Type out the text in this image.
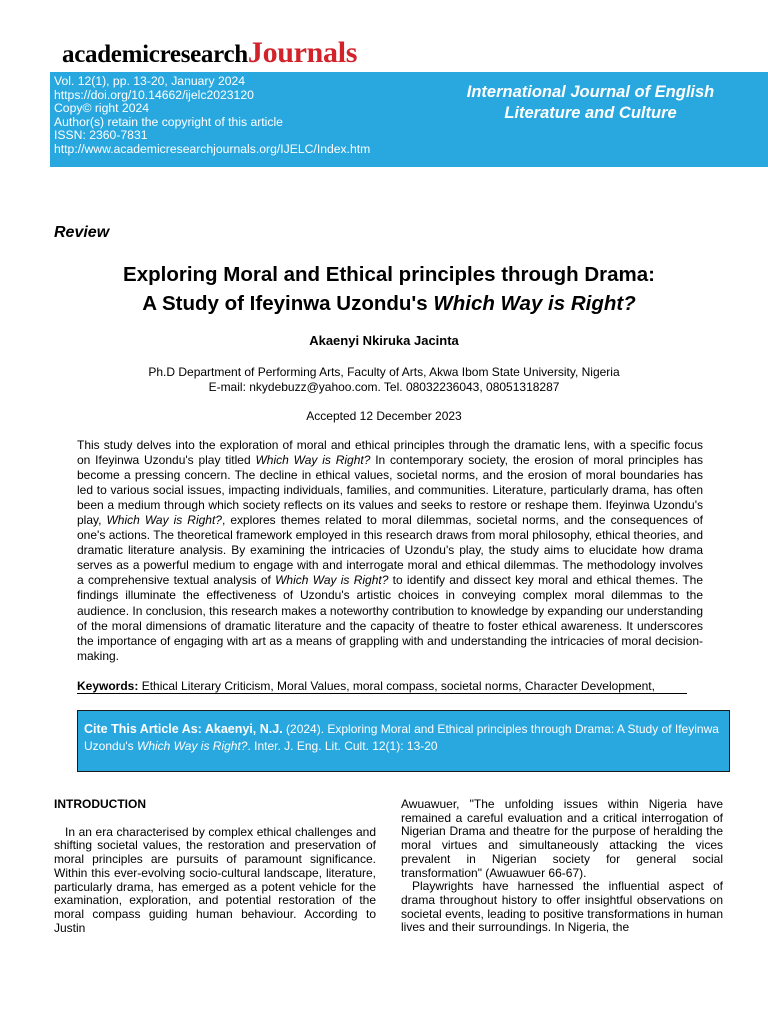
academicresearchJournals
Vol. 12(1), pp. 13-20, January 2024
https://doi.org/10.14662/ijelc2023120
Copy© right 2024
Author(s) retain the copyright of this article
ISSN: 2360-7831
http://www.academicresearchjournals.org/IJELC/Index.htm
International Journal of English
Literature and Culture
Review
Exploring Moral and Ethical principles through Drama:
A Study of Ifeyinwa Uzondu's Which Way is Right?
Akaenyi Nkiruka Jacinta
Ph.D Department of Performing Arts, Faculty of Arts, Akwa Ibom State University, Nigeria
E-mail: nkydebuzz@yahoo.com. Tel. 08032236043, 08051318287
Accepted 12 December 2023
This study delves into the exploration of moral and ethical principles through the dramatic lens, with a specific focus on Ifeyinwa Uzondu's play titled Which Way is Right? In contemporary society, the erosion of moral principles has become a pressing concern. The decline in ethical values, societal norms, and the erosion of moral boundaries has led to various social issues, impacting individuals, families, and communities. Literature, particularly drama, has often been a medium through which society reflects on its values and seeks to restore or reshape them. Ifeyinwa Uzondu's play, Which Way is Right?, explores themes related to moral dilemmas, societal norms, and the consequences of one's actions. The theoretical framework employed in this research draws from moral philosophy, ethical theories, and dramatic literature analysis. By examining the intricacies of Uzondu's play, the study aims to elucidate how drama serves as a powerful medium to engage with and interrogate moral and ethical dilemmas. The methodology involves a comprehensive textual analysis of Which Way is Right? to identify and dissect key moral and ethical themes. The findings illuminate the effectiveness of Uzondu's artistic choices in conveying complex moral dilemmas to the audience. In conclusion, this research makes a noteworthy contribution to knowledge by expanding our understanding of the moral dimensions of dramatic literature and the capacity of theatre to foster ethical awareness. It underscores the importance of engaging with art as a means of grappling with and understanding the intricacies of moral decision-making.
Keywords: Ethical Literary Criticism, Moral Values, moral compass, societal norms, Character Development,
Cite This Article As: Akaenyi, N.J. (2024). Exploring Moral and Ethical principles through Drama: A Study of Ifeyinwa Uzondu's Which Way is Right?. Inter. J. Eng. Lit. Cult. 12(1): 13-20
INTRODUCTION

In an era characterised by complex ethical challenges and shifting societal values, the restoration and preservation of moral principles are pursuits of paramount significance. Within this ever-evolving socio-cultural landscape, literature, particularly drama, has emerged as a potent vehicle for the examination, exploration, and potential restoration of the moral compass guiding human behaviour. According to Justin

Awuawuer, "The unfolding issues within Nigeria have remained a careful evaluation and a critical interrogation of Nigerian Drama and theatre for the purpose of heralding the moral virtues and simultaneously attacking the vices prevalent in Nigerian society for general social transformation" (Awuawuer 66-67).

Playwrights have harnessed the influential aspect of drama throughout history to offer insightful observations on societal events, leading to positive transformations in human lives and their surroundings. In Nigeria, the
